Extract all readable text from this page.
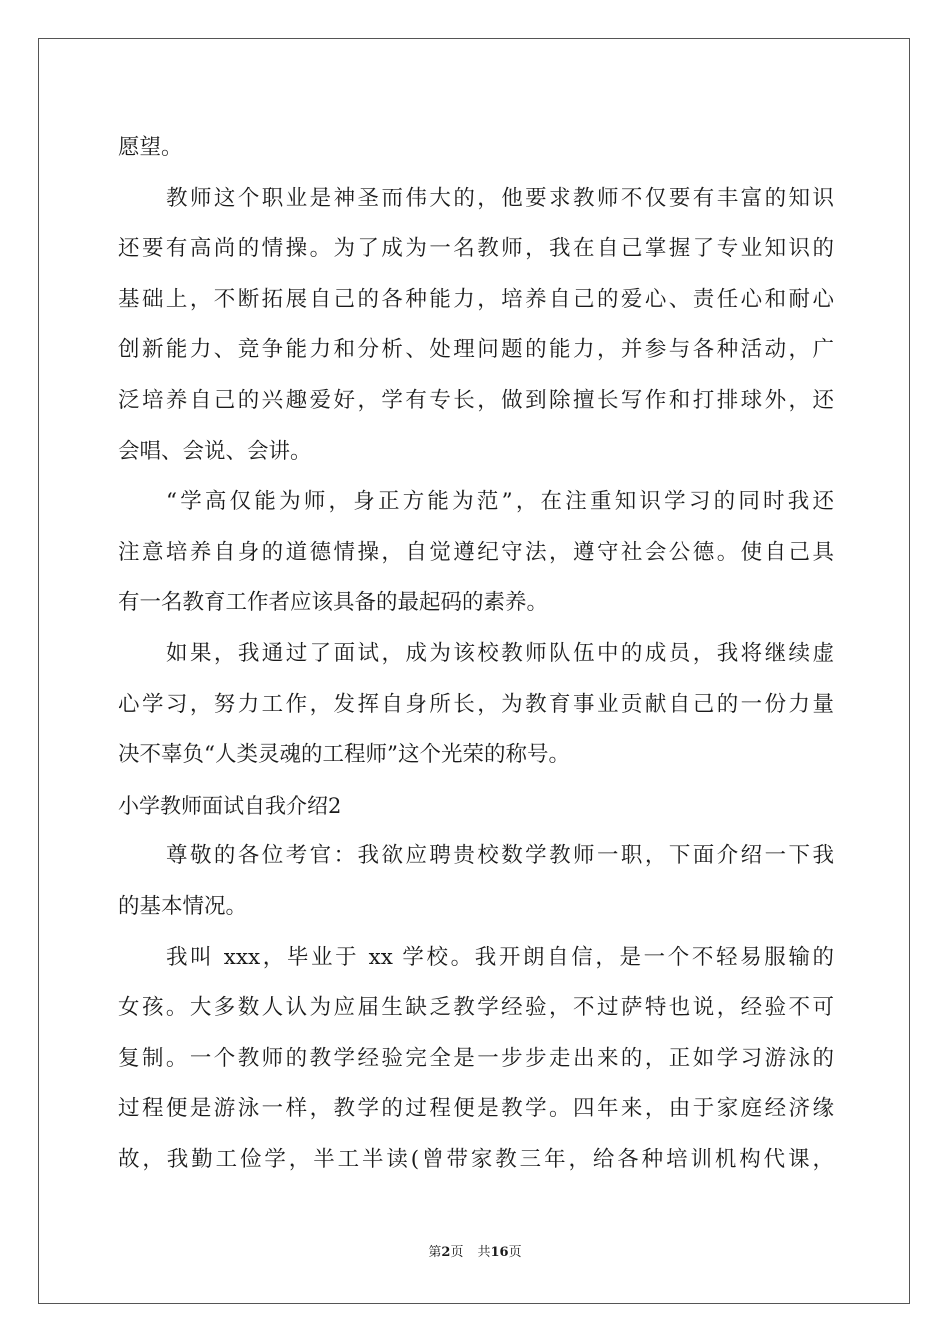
愿望。
教师这个职业是神圣而伟大的，他要求教师不仅要有丰富的知识
还要有高尚的情操。为了成为一名教师，我在自己掌握了专业知识的
基础上，不断拓展自己的各种能力，培养自己的爱心、责任心和耐心
创新能力、竞争能力和分析、处理问题的能力，并参与各种活动，广
泛培养自己的兴趣爱好，学有专长，做到除擅长写作和打排球外，还
会唱、会说、会讲。
“学高仅能为师，身正方能为范”，在注重知识学习的同时我还
注意培养自身的道德情操，自觉遵纪守法，遵守社会公德。使自己具
有一名教育工作者应该具备的最起码的素养。
如果，我通过了面试，成为该校教师队伍中的成员，我将继续虚
心学习，努力工作，发挥自身所长，为教育事业贡献自己的一份力量
决不辜负“人类灵魂的工程师”这个光荣的称号。
小学教师面试自我介绍2
尊敬的各位考官：我欲应聘贵校数学教师一职，下面介绍一下我
的基本情况。
我叫 xxx，毕业于 xx 学校。我开朗自信，是一个不轻易服输的
女孩。大多数人认为应届生缺乏教学经验，不过萨特也说，经验不可
复制。一个教师的教学经验完全是一步步走出来的，正如学习游泳的
过程便是游泳一样，教学的过程便是教学。四年来，由于家庭经济缘
故，我勤工俭学，半工半读(曾带家教三年，给各种培训机构代课，
第2页 共16页
